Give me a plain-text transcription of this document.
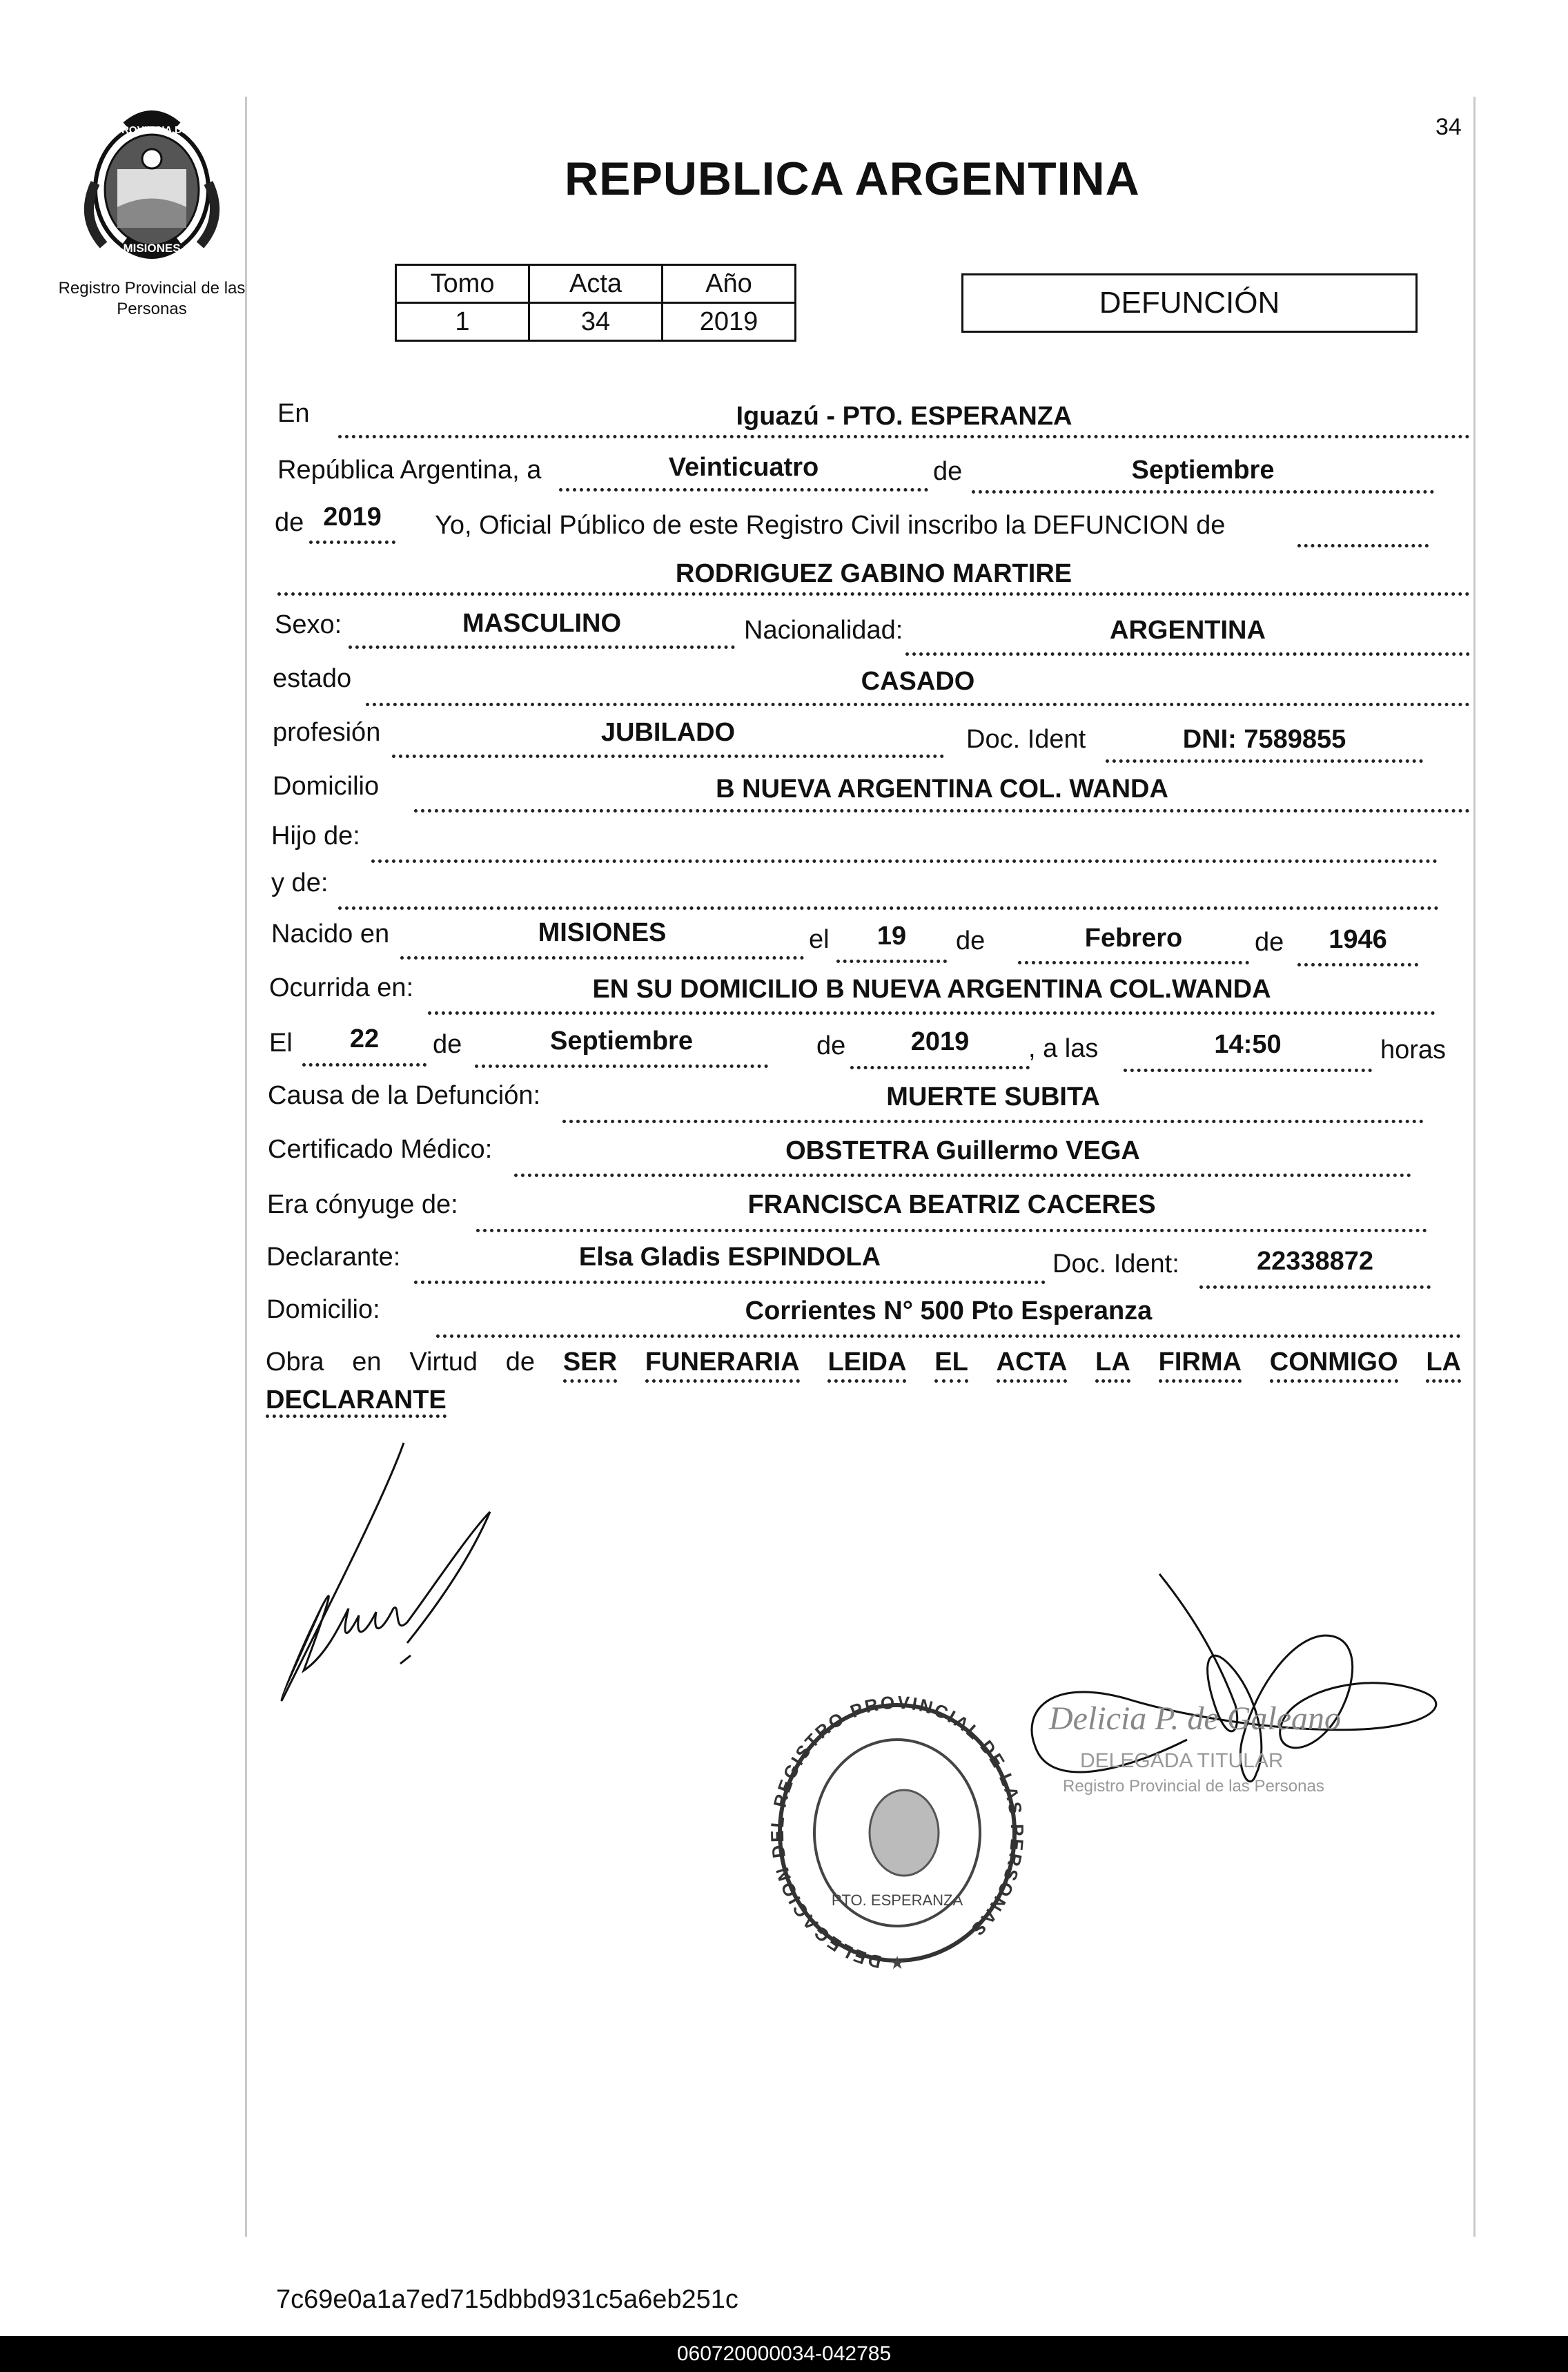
PROVINCIA DE
MISIONES
Registro Provincial de las Personas
34
REPUBLICA ARGENTINA
Tomo	Acta	Año
1	34	2019
DEFUNCIÓN
En	Iguazú - PTO. ESPERANZA
República Argentina, a	Veinticuatro	de	Septiembre
de 2019	Yo, Oficial Público de este Registro Civil inscribo la DEFUNCION de
RODRIGUEZ GABINO MARTIRE
Sexo:	MASCULINO	Nacionalidad:	ARGENTINA
estado	CASADO
profesión	JUBILADO	Doc. Ident	DNI: 7589855
Domicilio	B NUEVA ARGENTINA COL. WANDA
Hijo de:
y de:
Nacido en	MISIONES	el	19	de	Febrero	de	1946
Ocurrida en:	EN SU DOMICILIO B NUEVA ARGENTINA COL.WANDA
El	22	de	Septiembre	de	2019	, a las	14:50	horas
Causa de la Defunción:	MUERTE SUBITA
Certificado Médico:	OBSTETRA Guillermo VEGA
Era cónyuge de:	FRANCISCA BEATRIZ CACERES
Declarante:	Elsa Gladis ESPINDOLA	Doc. Ident:	22338872
Domicilio:	Corrientes N° 500 Pto Esperanza
Obra en Virtud de SER FUNERARIA LEIDA EL ACTA LA FIRMA CONMIGO LA
DECLARANTE
DELEGACION DEL REGISTRO PROVINCIAL DE LAS PERSONAS
PTO. ESPERANZA
★
Delicia P. de Galeano
DELEGADA TITULAR
Registro Provincial de las Personas
7c69e0a1a7ed715dbbd931c5a6eb251c
060720000034-042785
